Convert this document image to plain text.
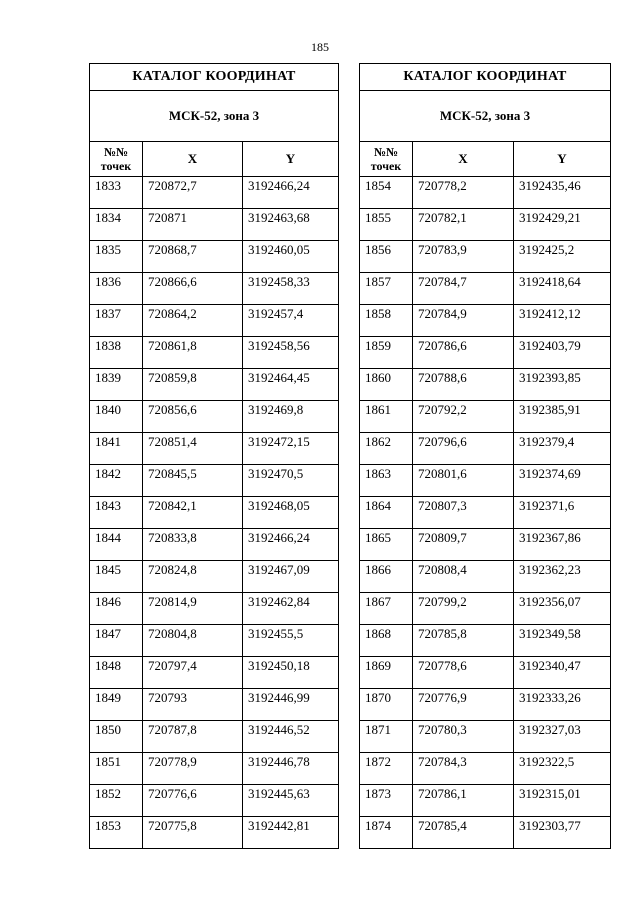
185
КАТАЛОГ КООРДИНАТ		
МСК-52, зона 3		

№№
точек	X	Y
1833	720872,7	3192466,24
1834	720871	3192463,68
1835	720868,7	3192460,05
1836	720866,6	3192458,33
1837	720864,2	3192457,4
1838	720861,8	3192458,56
1839	720859,8	3192464,45
1840	720856,6	3192469,8
1841	720851,4	3192472,15
1842	720845,5	3192470,5
1843	720842,1	3192468,05
1844	720833,8	3192466,24
1845	720824,8	3192467,09
1846	720814,9	3192462,84
1847	720804,8	3192455,5
1848	720797,4	3192450,18
1849	720793	3192446,99
1850	720787,8	3192446,52
1851	720778,9	3192446,78
1852	720776,6	3192445,63
1853	720775,8	3192442,81
КАТАЛОГ КООРДИНАТ		
МСК-52, зона 3		

№№
точек	X	Y
1854	720778,2	3192435,46
1855	720782,1	3192429,21
1856	720783,9	3192425,2
1857	720784,7	3192418,64
1858	720784,9	3192412,12
1859	720786,6	3192403,79
1860	720788,6	3192393,85
1861	720792,2	3192385,91
1862	720796,6	3192379,4
1863	720801,6	3192374,69
1864	720807,3	3192371,6
1865	720809,7	3192367,86
1866	720808,4	3192362,23
1867	720799,2	3192356,07
1868	720785,8	3192349,58
1869	720778,6	3192340,47
1870	720776,9	3192333,26
1871	720780,3	3192327,03
1872	720784,3	3192322,5
1873	720786,1	3192315,01
1874	720785,4	3192303,77
